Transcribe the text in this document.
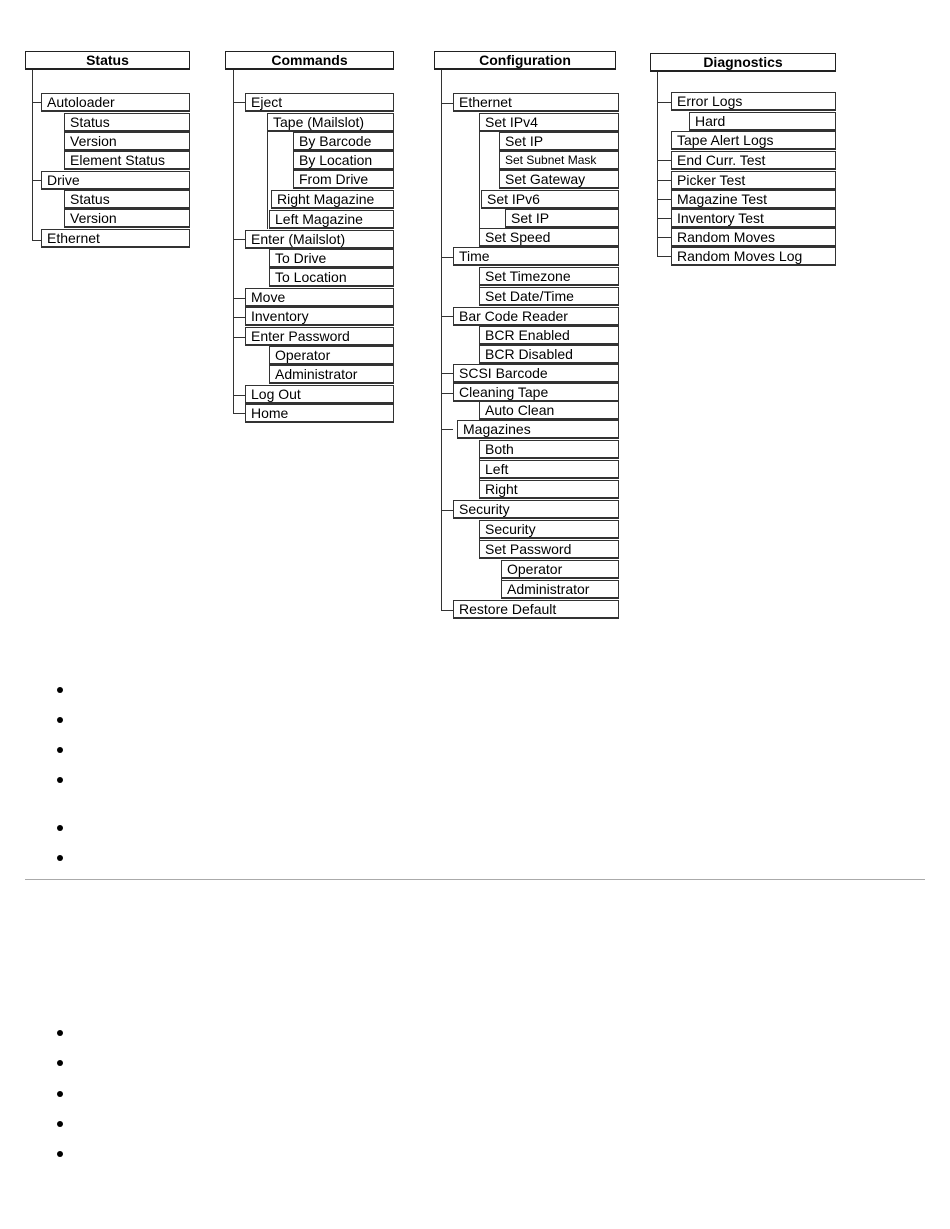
Status
Autoloader
Status
Version
Element Status
Drive
Status
Version
Ethernet
Commands
Eject
Tape (Mailslot)
By Barcode
By Location
From Drive
Right Magazine
Left Magazine
Enter (Mailslot)
To Drive
To Location
Move
Inventory
Enter Password
Operator
Administrator
Log Out
Home
Configuration
Ethernet
Set IPv4
Set IP
Set Subnet Mask
Set Gateway
Set IPv6
Set IP
Set Speed
Time
Set Timezone
Set Date/Time
Bar Code Reader
BCR Enabled
BCR Disabled
SCSI Barcode
Cleaning Tape
Auto Clean
Magazines
Both
Left
Right
Security
Security
Set Password
Operator
Administrator
Restore Default
Diagnostics
Error Logs
Hard
Tape Alert Logs
End Curr. Test
Picker Test
Magazine Test
Inventory Test
Random Moves
Random Moves Log
